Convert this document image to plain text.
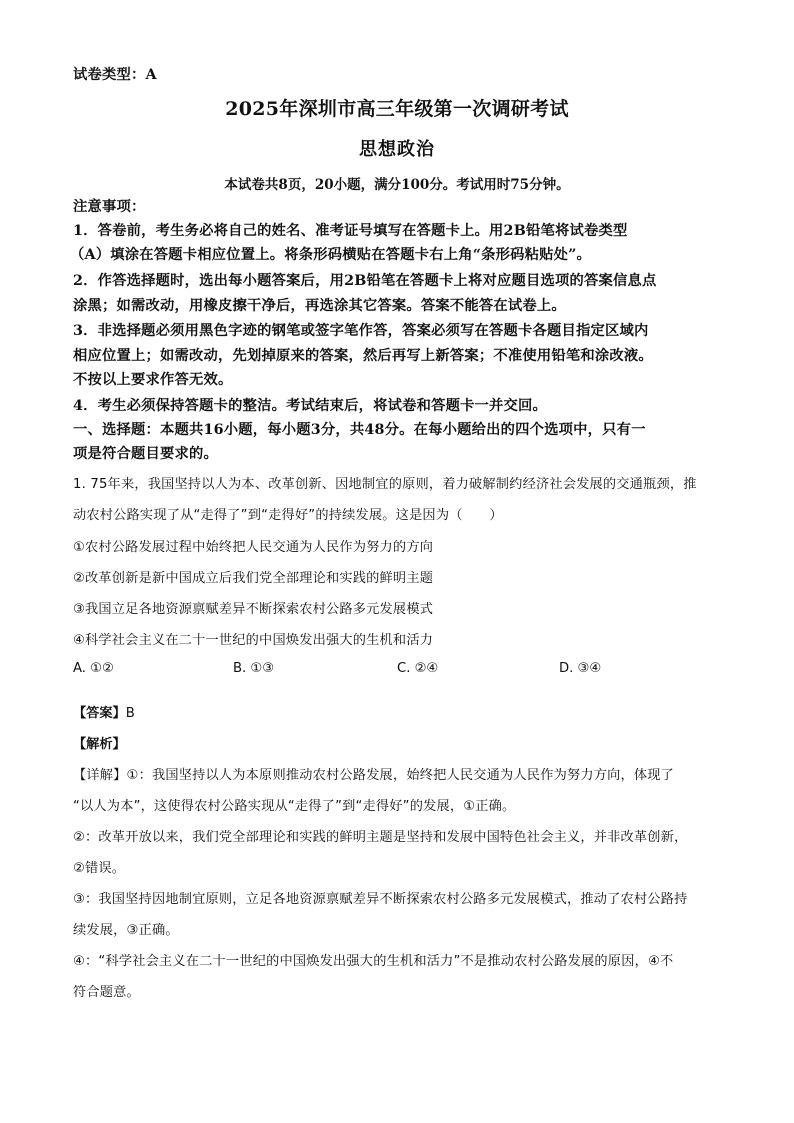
试卷类型：A
2025年深圳市高三年级第一次调研考试
思想政治
本试卷共8页，20小题，满分100分。考试用时75分钟。
注意事项：
1．答卷前，考生务必将自己的姓名、准考证号填写在答题卡上。用2B铅笔将试卷类型
（A）填涂在答题卡相应位置上。将条形码横贴在答题卡右上角“条形码粘贴处”。
2．作答选择题时，选出每小题答案后，用2B铅笔在答题卡上将对应题目选项的答案信息点
涂黑；如需改动，用橡皮擦干净后，再选涂其它答案。答案不能答在试卷上。
3．非选择题必须用黑色字迹的钢笔或签字笔作答，答案必须写在答题卡各题目指定区域内
相应位置上；如需改动，先划掉原来的答案，然后再写上新答案；不准使用铅笔和涂改液。
不按以上要求作答无效。
4．考生必须保持答题卡的整洁。考试结束后，将试卷和答题卡一并交回。
一、选择题：本题共16小题，每小题3分，共48分。在每小题给出的四个选项中，只有一
项是符合题目要求的。
1. 75年来，我国坚持以人为本、改革创新、因地制宜的原则，着力破解制约经济社会发展的交通瓶颈，推
动农村公路实现了从“走得了”到“走得好”的持续发展。这是因为（　　）
①农村公路发展过程中始终把人民交通为人民作为努力的方向
②改革创新是新中国成立后我们党全部理论和实践的鲜明主题
③我国立足各地资源禀赋差异不断探索农村公路多元发展模式
④科学社会主义在二十一世纪的中国焕发出强大的生机和活力
A. ①②	B. ①③	C. ②④	D. ③④
【答案】B
【解析】
【详解】①：我国坚持以人为本原则推动农村公路发展，始终把人民交通为人民作为努力方向，体现了
“以人为本”，这使得农村公路实现从“走得了”到“走得好”的发展，①正确。
②：改革开放以来，我们党全部理论和实践的鲜明主题是坚持和发展中国特色社会主义，并非改革创新，
②错误。
③：我国坚持因地制宜原则，立足各地资源禀赋差异不断探索农村公路多元发展模式，推动了农村公路持
续发展，③正确。
④：“科学社会主义在二十一世纪的中国焕发出强大的生机和活力”不是推动农村公路发展的原因，④不
符合题意。
